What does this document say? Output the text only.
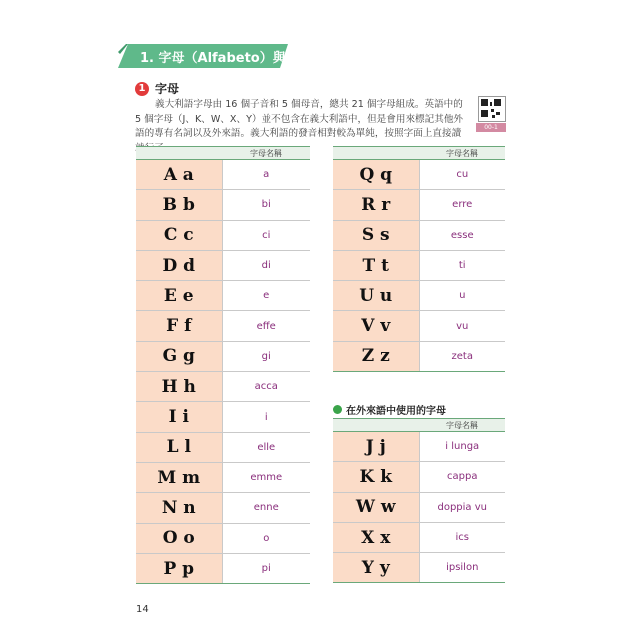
1. 字母（Alfabeto）與發音
1 字母
義大利語字母由 16 個子音和 5 個母音，總共 21 個字母組成。英語中的 5 個字母（J、K、W、X、Y）並不包含在義大利語中，但是會用來標記其他外語的專有名詞以及外來語。義大利語的發音相對較為單純，按照字面上直接讀
00-1
	字母名稱
A a	a
B b	bi
C c	ci
D d	di
E e	e
F f	effe
G g	gi
H h	acca
I i	i
L l	elle
M m	emme
N n	enne
O o	o
P p	pi
	字母名稱
Q q	cu
R r	erre
S s	esse
T t	ti
U u	u
V v	vu
Z z	zeta
在外來語中使用的字母
	字母名稱
J j	i lunga
K k	cappa
W w	doppia vu
X x	ics
Y y	ipsilon
14
